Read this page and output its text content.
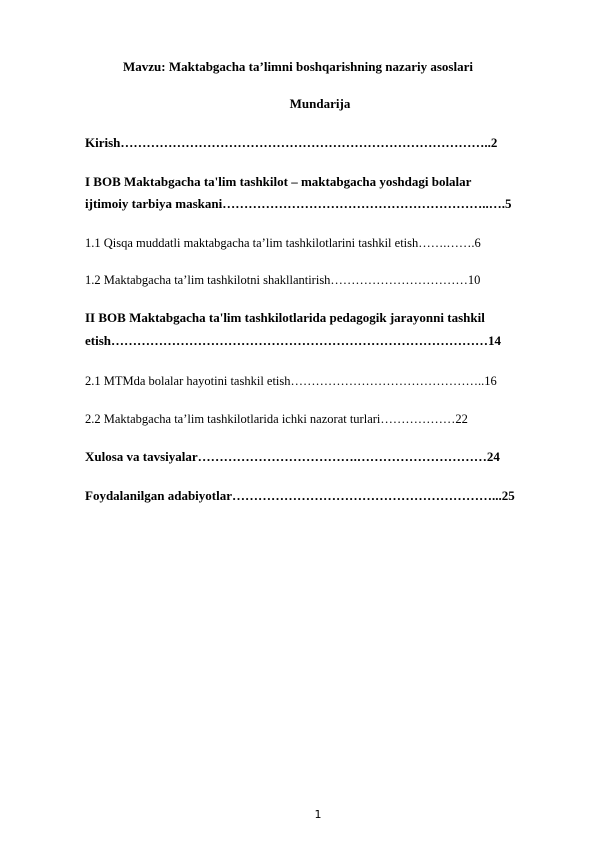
Mavzu: Maktabgacha ta’limni boshqarishning nazariy asoslari
Mundarija
Kirish…………………………………………………………………………..2
I BOB Maktabgacha ta'lim tashkilot – maktabgacha yoshdagi bolalar
ijtimoiy tarbiya maskani……………………………………………………..….5
1.1 Qisqa muddatli maktabgacha ta’lim tashkilotlarini tashkil etish…….…….6
1.2 Maktabgacha ta’lim tashkilotni shakllantirish……………………………10
II BOB Maktabgacha ta'lim tashkilotlarida pedagogik jarayonni tashkil
etish……………………………………………………………………………14
2.1 MTMda bolalar hayotini tashkil etish………………………………………..16
2.2 Maktabgacha ta’lim tashkilotlarida ichki nazorat turlari………………22
Xulosa va tavsiyalar……………………………….…………………………24
Foydalanilgan adabiyotlar……………………………………………………...25
1
